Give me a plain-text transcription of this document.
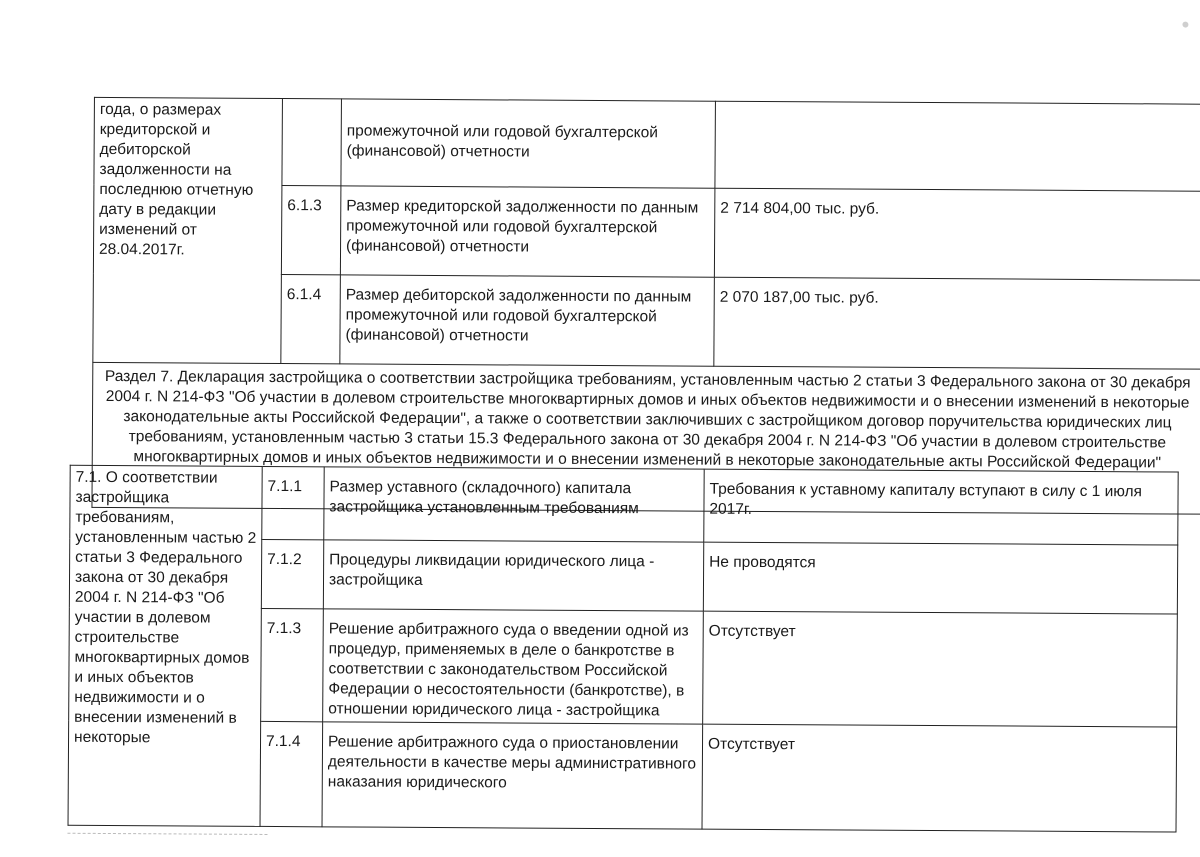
года, о размерах кредиторской и дебиторской задолженности на последнюю отчетную дату в редакции изменений от 28.04.2017г.		промежуточной или годовой бухгалтерской (финансовой) отчетности	
	6.1.3	Размер кредиторской задолженности по данным промежуточной или годовой бухгалтерской (финансовой) отчетности	2 714 804,00 тыс. руб.
	6.1.4	Размер дебиторской задолженности по данным промежуточной или годовой бухгалтерской (финансовой) отчетности	2 070 187,00 тыс. руб.
Раздел 7. Декларация застройщика о соответствии застройщика требованиям, установленным частью 2 статьи 3 Федерального закона от 30 декабря 2004 г. N 214-ФЗ "Об участии в долевом строительстве многоквартирных домов и иных объектов недвижимости и о внесении изменений в некоторые законодательные акты Российской Федерации", а также о соответствии заключивших с застройщиком договор поручительства юридических лиц требованиям, установленным частью 3 статьи 15.3 Федерального закона от 30 декабря 2004 г. N 214-ФЗ "Об участии в долевом строительстве многоквартирных домов и иных объектов недвижимости и о внесении изменений в некоторые законодательные акты Российской Федерации"			
7.1. О соответствии застройщика требованиям, установленным частью 2 статьи 3 Федерального закона от 30 декабря 2004 г. N 214-ФЗ "Об участии в долевом строительстве многоквартирных домов и иных объектов недвижимости и о внесении изменений в некоторые	7.1.1	Размер уставного (складочного) капитала застройщика установленным требованиям	Требования к уставному капиталу вступают в силу с 1 июля 2017г.
	7.1.2	Процедуры ликвидации юридического лица - застройщика	Не проводятся
	7.1.3	Решение арбитражного суда о введении одной из процедур, применяемых в деле о банкротстве в соответствии с законодательством Российской Федерации о несостоятельности (банкротстве), в отношении юридического лица - застройщика	Отсутствует
	7.1.4	Решение арбитражного суда о приостановлении деятельности в качестве меры административного наказания юридического	Отсутствует
